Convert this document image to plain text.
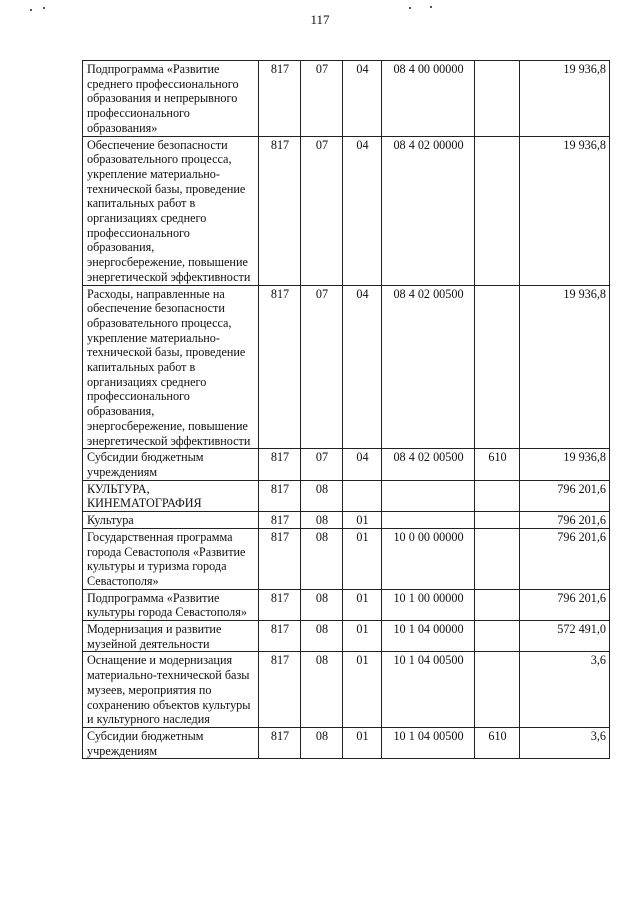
117
Подпрограмма «Развитие среднего профессионального образования и непрерывного профессионального образования»	817	07	04	08 4 00 00000		19 936,8
Обеспечение безопасности образовательного процесса, укрепление материально-технической базы, проведение капитальных работ в организациях среднего профессионального образования, энергосбережение, повышение энергетической эффективности	817	07	04	08 4 02 00000		19 936,8
Расходы, направленные на обеспечение безопасности образовательного процесса, укрепление материально-технической базы, проведение капитальных работ в организациях среднего профессионального образования, энергосбережение, повышение энергетической эффективности	817	07	04	08 4 02 00500		19 936,8
Субсидии бюджетным учреждениям	817	07	04	08 4 02 00500	610	19 936,8
КУЛЬТУРА, КИНЕМАТОГРАФИЯ	817	08				796 201,6
Культура	817	08	01			796 201,6
Государственная программа города Севастополя «Развитие культуры и туризма города Севастополя»	817	08	01	10 0 00 00000		796 201,6
Подпрограмма «Развитие культуры города Севастополя»	817	08	01	10 1 00 00000		796 201,6
Модернизация и развитие музейной деятельности	817	08	01	10 1 04 00000		572 491,0
Оснащение и модернизация материально-технической базы музеев, мероприятия по сохранению объектов культуры и культурного наследия	817	08	01	10 1 04 00500		3,6
Субсидии бюджетным учреждениям	817	08	01	10 1 04 00500	610	3,6
